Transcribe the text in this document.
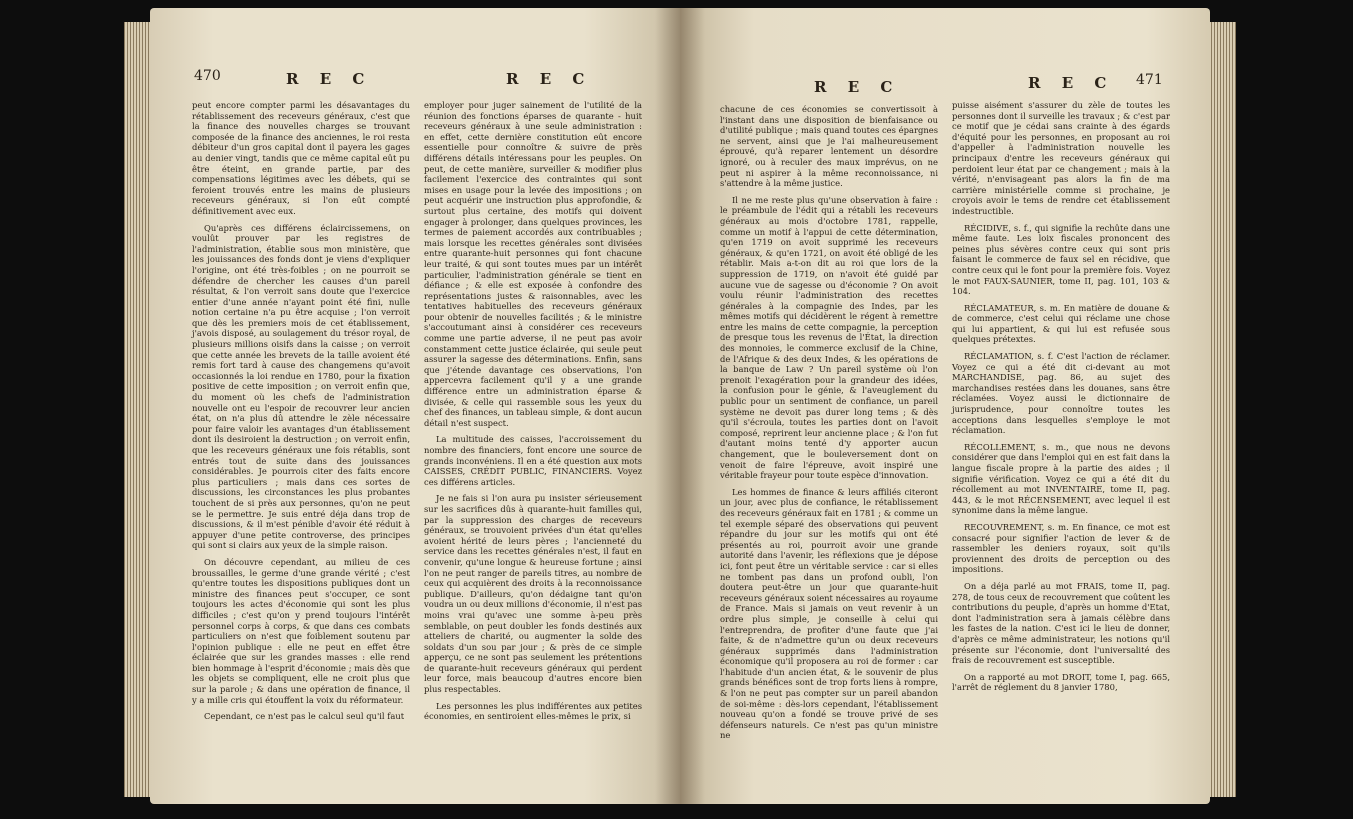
470	R E C	R E C

peut encore compter parmi les désavantages du rétablissement des receveurs généraux, c'est que la finance des nouvelles charges se trouvant composée de la finance des anciennes, le roi resta débiteur d'un gros capital dont il payera les gages au denier vingt, tandis que ce même capital eût pu être éteint, en grande partie, par des compensations légitimes avec les débets, qui se feroient trouvés entre les mains de plusieurs receveurs généraux, si l'on eût compté définitivement avec eux.

Qu'après ces différens éclaircissemens, on voulût prouver par les registres de l'administration, établie sous mon ministère, que les jouissances des fonds dont je viens d'expliquer l'origine, ont été très-foibles ; on ne pourroit se défendre de chercher les causes d'un pareil résultat, & l'on verroit sans doute que l'exercice entier d'une année n'ayant point été fini, nulle notion certaine n'a pu être acquise ; l'on verroit que dès les premiers mois de cet établissement, j'avois disposé, au soulagement du trésor royal, de plusieurs millions oisifs dans la caisse ; on verroit que cette année les brevets de la taille avoient été remis fort tard à cause des changemens qu'avoit occasionnés la loi rendue en 1780, pour la fixation positive de cette imposition ; on verroit enfin que, du moment où les chefs de l'administration nouvelle ont eu l'espoir de recouvrer leur ancien état, on n'a plus dû attendre le zèle nécessaire pour faire valoir les avantages d'un établissement dont ils desiroient la destruction ; on verroit enfin, que les receveurs généraux une fois rétablis, sont entrés tout de suite dans des jouissances considérables. Je pourrois citer des faits encore plus particuliers ; mais dans ces sortes de discussions, les circonstances les plus probantes touchent de si près aux personnes, qu'on ne peut se le permettre. Je suis entré déja dans trop de discussions, & il m'est pénible d'avoir été réduit à appuyer d'une petite controverse, des principes qui sont si clairs aux yeux de la simple raison.

On découvre cependant, au milieu de ces broussailles, le germe d'une grande vérité ; c'est qu'entre toutes les dispositions publiques dont un ministre des finances peut s'occuper, ce sont toujours les actes d'économie qui sont les plus difficiles ; c'est qu'on y prend toujours l'intérêt personnel corps à corps, & que dans ces combats particuliers on n'est que foiblement soutenu par l'opinion publique : elle ne peut en effet être éclairée que sur les grandes masses : elle rend bien hommage à l'esprit d'économie ; mais dès que les objets se compliquent, elle ne croit plus que sur la parole ; & dans une opération de finance, il y a mille cris qui étouffent la voix du réformateur.

Cependant, ce n'est pas le calcul seul qu'il faut

employer pour juger sainement de l'utilité de la réunion des fonctions éparses de quarante - huit receveurs généraux à une seule administration : en effet, cette dernière constitution eût encore essentielle pour connoître & suivre de près différens détails intéressans pour les peuples. On peut, de cette manière, surveiller & modifier plus facilement l'exercice des contraintes qui sont mises en usage pour la levée des impositions ; on peut acquérir une instruction plus approfondie, & surtout plus certaine, des motifs qui doivent engager à prolonger, dans quelques provinces, les termes de paiement accordés aux contribuables ; mais lorsque les recettes générales sont divisées entre quarante-huit personnes qui font chacune leur traité, & qui sont toutes mues par un intérêt particulier, l'administration générale se tient en défiance ; & elle est exposée à confondre des représentations justes & raisonnables, avec les tentatives habituelles des receveurs généraux pour obtenir de nouvelles facilités ; & le ministre s'accoutumant ainsi à considérer ces receveurs comme une partie adverse, il ne peut pas avoir constamment cette justice éclairée, qui seule peut assurer la sagesse des déterminations. Enfin, sans que j'étende davantage ces observations, l'on appercevra facilement qu'il y a une grande différence entre un administration éparse & divisée, & celle qui rassemble sous les yeux du chef des finances, un tableau simple, & dont aucun détail n'est suspect.

La multitude des caisses, l'accroissement du nombre des financiers, font encore une source de grands inconvéniens. Il en a été question aux mots CAISSES, CRÉDIT PUBLIC, FINANCIERS. Voyez ces différens articles.

Je ne fais si l'on aura pu insister sérieusement sur les sacrifices dûs à quarante-huit familles qui, par la suppression des charges de receveurs généraux, se trouvoient privées d'un état qu'elles avoient hérité de leurs pères ; l'ancienneté du service dans les recettes générales n'est, il faut en convenir, qu'une longue & heureuse fortune ; ainsi l'on ne peut ranger de pareils titres, au nombre de ceux qui acquièrent des droits à la reconnoissance publique. D'ailleurs, qu'on dédaigne tant qu'on voudra un ou deux millions d'économie, il n'est pas moins vrai qu'avec une somme à-peu près semblable, on peut doubler les fonds destinés aux atteliers de charité, ou augmenter la solde des soldats d'un sou par jour ; & près de ce simple apperçu, ce ne sont pas seulement les prétentions de quarante-huit receveurs généraux qui perdent leur force, mais beaucoup d'autres encore bien plus respectables.

Les personnes les plus indifférentes aux petites économies, en sentiroient elles-mêmes le prix, si

R E C	R E C 471

chacune de ces économies se convertissoit à l'instant dans une disposition de bienfaisance ou d'utilité publique ; mais quand toutes ces épargnes ne servent, ainsi que je l'ai malheureusement éprouvé, qu'à reparer lentement un désordre ignoré, ou à reculer des maux imprévus, on ne peut ni aspirer à la même reconnoissance, ni s'attendre à la même justice.

Il ne me reste plus qu'une observation à faire : le préambule de l'édit qui a rétabli les receveurs généraux au mois d'octobre 1781, rappelle, comme un motif à l'appui de cette détermination, qu'en 1719 on avoit supprimé les receveurs généraux, & qu'en 1721, on avoit été obligé de les rétablir. Mais a-t-on dit au roi que lors de la suppression de 1719, on n'avoit été guidé par aucune vue de sagesse ou d'économie ? On avoit voulu réunir l'administration des recettes générales à la compagnie des Indes, par les mêmes motifs qui décidèrent le régent à remettre entre les mains de cette compagnie, la perception de presque tous les revenus de l'État, la direction des monnoies, le commerce exclusif de la Chine, de l'Afrique & des deux Indes, & les opérations de la banque de Law ? Un pareil système où l'on prenoit l'exagération pour la grandeur des idées, la confusion pour le génie, & l'aveuglement du public pour un sentiment de confiance, un pareil système ne devoit pas durer long tems ; & dès qu'il s'écroula, toutes les parties dont on l'avoit composé, reprirent leur ancienne place ; & l'on fut d'autant moins tenté d'y apporter aucun changement, que le bouleversement dont on venoit de faire l'épreuve, avoit inspiré une véritable frayeur pour toute espèce d'innovation.

Les hommes de finance & leurs affiliés citeront un jour, avec plus de confiance, le rétablissement des receveurs généraux fait en 1781 ; & comme un tel exemple séparé des observations qui peuvent répandre du jour sur les motifs qui ont été présentés au roi, pourroit avoir une grande autorité dans l'avenir, les réflexions que je dépose ici, font peut être un véritable service : car si elles ne tombent pas dans un profond oubli, l'on doutera peut-être un jour que quarante-huit receveurs généraux soient nécessaires au royaume de France. Mais si jamais on veut revenir à un ordre plus simple, je conseille à celui qui l'entreprendra, de profiter d'une faute que j'ai faite, & de n'admettre qu'un ou deux receveurs généraux supprimés dans l'administration économique qu'il proposera au roi de former : car l'habitude d'un ancien état, & le souvenir de plus grands bénéfices sont de trop forts liens à rompre, & l'on ne peut pas compter sur un pareil abandon de soi-même : dès-lors cependant, l'établissement nouveau qu'on a fondé se trouve privé de ses défenseurs naturels. Ce n'est pas qu'un ministre ne

puisse aisément s'assurer du zèle de toutes les personnes dont il surveille les travaux ; & c'est par ce motif que je cédai sans crainte à des égards d'équité pour les personnes, en proposant au roi d'appeller à l'administration nouvelle les principaux d'entre les receveurs généraux qui perdoient leur état par ce changement ; mais à la vérité, n'envisageant pas alors la fin de ma carrière ministérielle comme si prochaine, je croyois avoir le tems de rendre cet établissement indestructible.

RÉCIDIVE, s. f., qui signifie la rechûte dans une même faute. Les loix fiscales prononcent des peines plus sévères contre ceux qui sont pris faisant le commerce de faux sel en récidive, que contre ceux qui le font pour la première fois. Voyez le mot FAUX-SAUNIER, tome II, pag. 101, 103 & 104.

RÉCLAMATEUR, s. m. En matière de douane & de commerce, c'est celui qui réclame une chose qui lui appartient, & qui lui est refusée sous quelques prétextes.

RÉCLAMATION, s. f. C'est l'action de réclamer. Voyez ce qui a été dit ci-devant au mot MARCHANDISE, pag. 86, au sujet des marchandises restées dans les douanes, sans être réclamées. Voyez aussi le dictionnaire de jurisprudence, pour connoître toutes les acceptions dans lesquelles s'employe le mot réclamation.

RÉCOLLEMENT, s. m., que nous ne devons considérer que dans l'emploi qui en est fait dans la langue fiscale propre à la partie des aides ; il signifie vérification. Voyez ce qui a été dit du récollement au mot INVENTAIRE, tome II, pag. 443, & le mot RÉCENSEMENT, avec lequel il est synonime dans la même langue.

RECOUVREMENT, s. m. En finance, ce mot est consacré pour signifier l'action de lever & de rassembler les deniers royaux, soit qu'ils proviennent des droits de perception ou des impositions.

On a déja parlé au mot FRAIS, tome II, pag. 278, de tous ceux de recouvrement que coûtent les contributions du peuple, d'après un homme d'Etat, dont l'administration sera à jamais célèbre dans les fastes de la nation. C'est ici le lieu de donner, d'après ce même administrateur, les notions qu'il présente sur l'économie, dont l'universalité des frais de recouvrement est susceptible.

On a rapporté au mot DROIT, tome I, pag. 665, l'arrêt de réglement du 8 janvier 1780,
